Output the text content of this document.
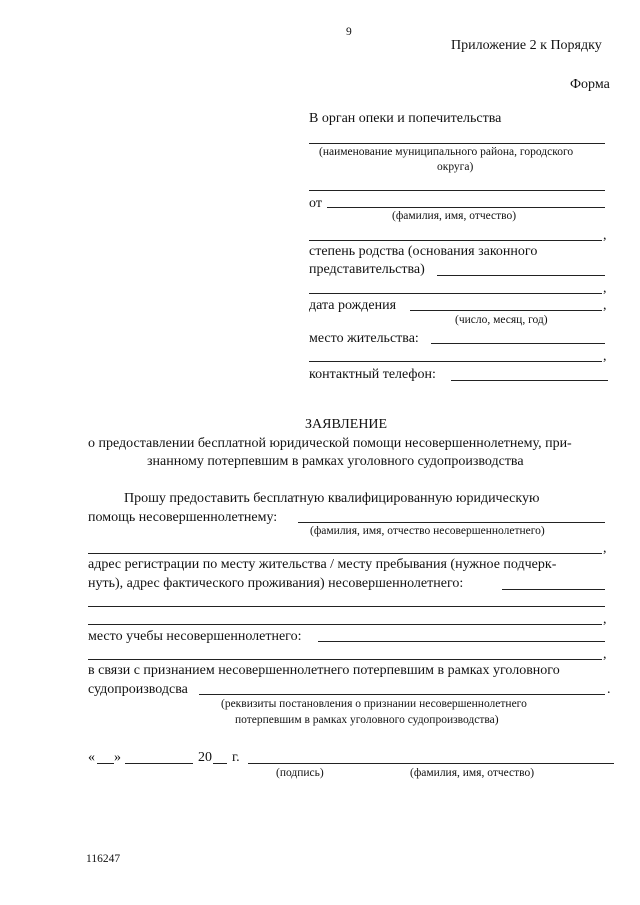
9
Приложение 2 к Порядку
Форма
В орган опеки и попечительства
(наименование муниципального района, городского
округа)
от
(фамилия, имя, отчество)
,
степень родства (основания законного
представительства)
,
дата рождения	,
(число, месяц, год)
место жительства:
,
контактный телефон:
ЗАЯВЛЕНИЕ
о предоставлении бесплатной юридической помощи несовершеннолетнему, при-
знанному потерпевшим в рамках уголовного судопроизводства
Прошу предоставить бесплатную квалифицированную юридическую
помощь несовершеннолетнему:
(фамилия, имя, отчество несовершеннолетнего)
,
адрес регистрации по месту жительства / месту пребывания (нужное подчерк-
нуть), адрес фактического проживания) несовершеннолетнего:
,
место учебы несовершеннолетнего:
,
в связи с признанием несовершеннолетнего потерпевшим в рамках уголовного
судопроизводсва	.
(реквизиты постановления о признании несовершеннолетнего
потерпевшим в рамках уголовного судопроизводства)
« »	20 г.
(подпись)	(фамилия, имя, отчество)
116247
